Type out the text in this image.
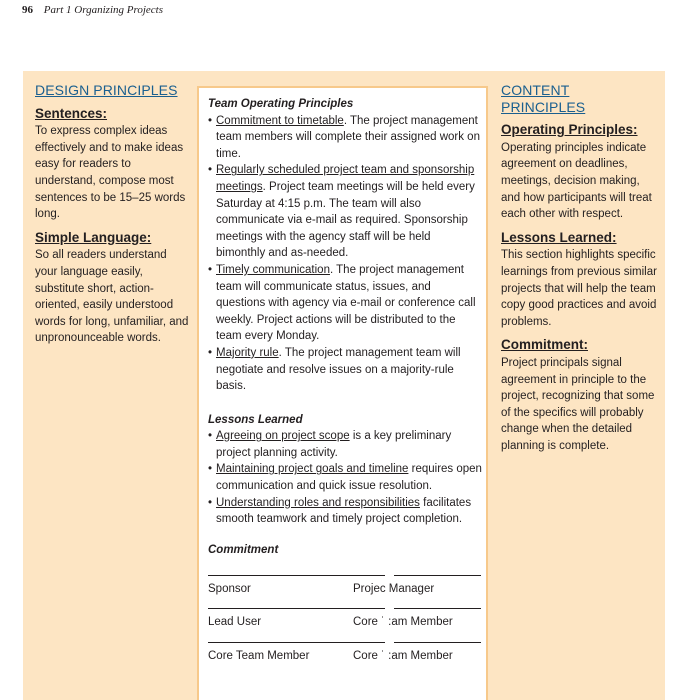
96 Part 1 Organizing Projects
DESIGN PRINCIPLES
Sentences:
To express complex ideas effectively and to make ideas easy for readers to understand, compose most sentences to be 15–25 words long.
Simple Language:
So all readers understand your language easily, substitute short, action-oriented, easily understood words for long, unfamiliar, and unpronounceable words.
CONTENT PRINCIPLES
Operating Principles:
Operating principles indicate agreement on deadlines, meetings, decision making, and how participants will treat each other with respect.
Lessons Learned:
This section highlights specific learnings from previous similar projects that will help the team copy good practices and avoid problems.
Commitment:
Project principals signal agreement in principle to the project, recognizing that some of the specifics will probably change when the detailed planning is complete.
Team Operating Principles
• Commitment to timetable. The project management team members will complete their assigned work on time.
• Regularly scheduled project team and sponsorship meetings. Project team meetings will be held every Saturday at 4:15 p.m. The team will also communicate via e-mail as required. Sponsorship meetings with the agency staff will be held bimonthly and as-needed.
• Timely communication. The project management team will communicate status, issues, and questions with agency via e-mail or conference call weekly. Project actions will be distributed to the team every Monday.
• Majority rule. The project management team will negotiate and resolve issues on a majority-rule basis.
Lessons Learned
• Agreeing on project scope is a key preliminary project planning activity.
• Maintaining project goals and timeline requires open communication and quick issue resolution.
• Understanding roles and responsibilities facilitates smooth teamwork and timely project completion.
Commitment
Sponsor	Projec Manager
Lead User	Core ˙ :am Member
Core Team Member	Core ˙ :am Member
